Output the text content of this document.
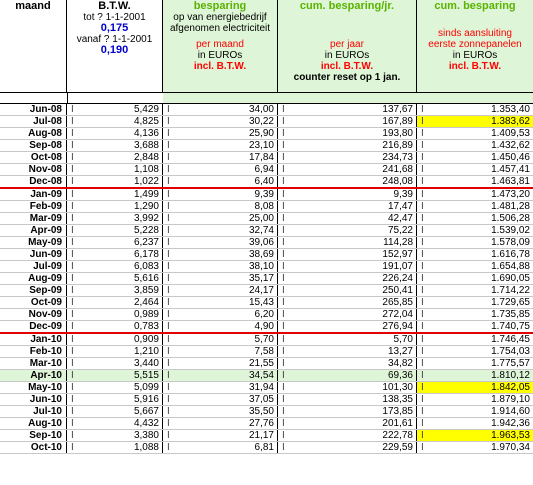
maand	B.T.W.
tot ? 1-1-2001
0,175
vanaf ? 1-1-2001
0,190
besparing
op van energiebedrijf
afgenomen electriciteit
per maand
in EUROs
incl. B.T.W.
cum. besparing/jr.
per jaar
in EUROs
incl. B.T.W.
counter reset op 1 jan.
cum. besparing
sinds aansluiting
eerste zonnepanelen
in EUROs
incl. B.T.W.
Jun-08 I	5,429 I	34,00 I	137,67 I	1.353,40
Jul-08 I	4,825 I	30,22 I	167,89 I	1.383,62
Aug-08 I	4,136 I	25,90 I	193,80 I	1.409,53
Sep-08 I	3,688 I	23,10 I	216,89 I	1.432,62
Oct-08 I	2,848 I	17,84 I	234,73 I	1.450,46
Nov-08 I	1,108 I	6,94 I	241,68 I	1.457,41
Dec-08 I	1,022 I	6,40 I	248,08 I	1.463,81
Jan-09 I	1,499 I	9,39 I	9,39 I	1.473,20
Feb-09 I	1,290 I	8,08 I	17,47 I	1.481,28
Mar-09 I	3,992 I	25,00 I	42,47 I	1.506,28
Apr-09 I	5,228 I	32,74 I	75,22 I	1.539,02
May-09 I	6,237 I	39,06 I	114,28 I	1.578,09
Jun-09 I	6,178 I	38,69 I	152,97 I	1.616,78
Jul-09 I	6,083 I	38,10 I	191,07 I	1.654,88
Aug-09 I	5,616 I	35,17 I	226,24 I	1.690,05
Sep-09 I	3,859 I	24,17 I	250,41 I	1.714,22
Oct-09 I	2,464 I	15,43 I	265,85 I	1.729,65
Nov-09 I	0,989 I	6,20 I	272,04 I	1.735,85
Dec-09 I	0,783 I	4,90 I	276,94 I	1.740,75
Jan-10 I	0,909 I	5,70 I	5,70 I	1.746,45
Feb-10 I	1,210 I	7,58 I	13,27 I	1.754,03
Mar-10 I	3,440 I	21,55 I	34,82 I	1.775,57
Apr-10 I	5,515 I	34,54 I	69,36 I	1.810,12
May-10 I	5,099 I	31,94 I	101,30 I	1.842,05
Jun-10 I	5,916 I	37,05 I	138,35 I	1.879,10
Jul-10 I	5,667 I	35,50 I	173,85 I	1.914,60
Aug-10 I	4,432 I	27,76 I	201,61 I	1.942,36
Sep-10 I	3,380 I	21,17 I	222,78 I	1.963,53
Oct-10 I	1,088 I	6,81 I	229,59 I	1.970,34
